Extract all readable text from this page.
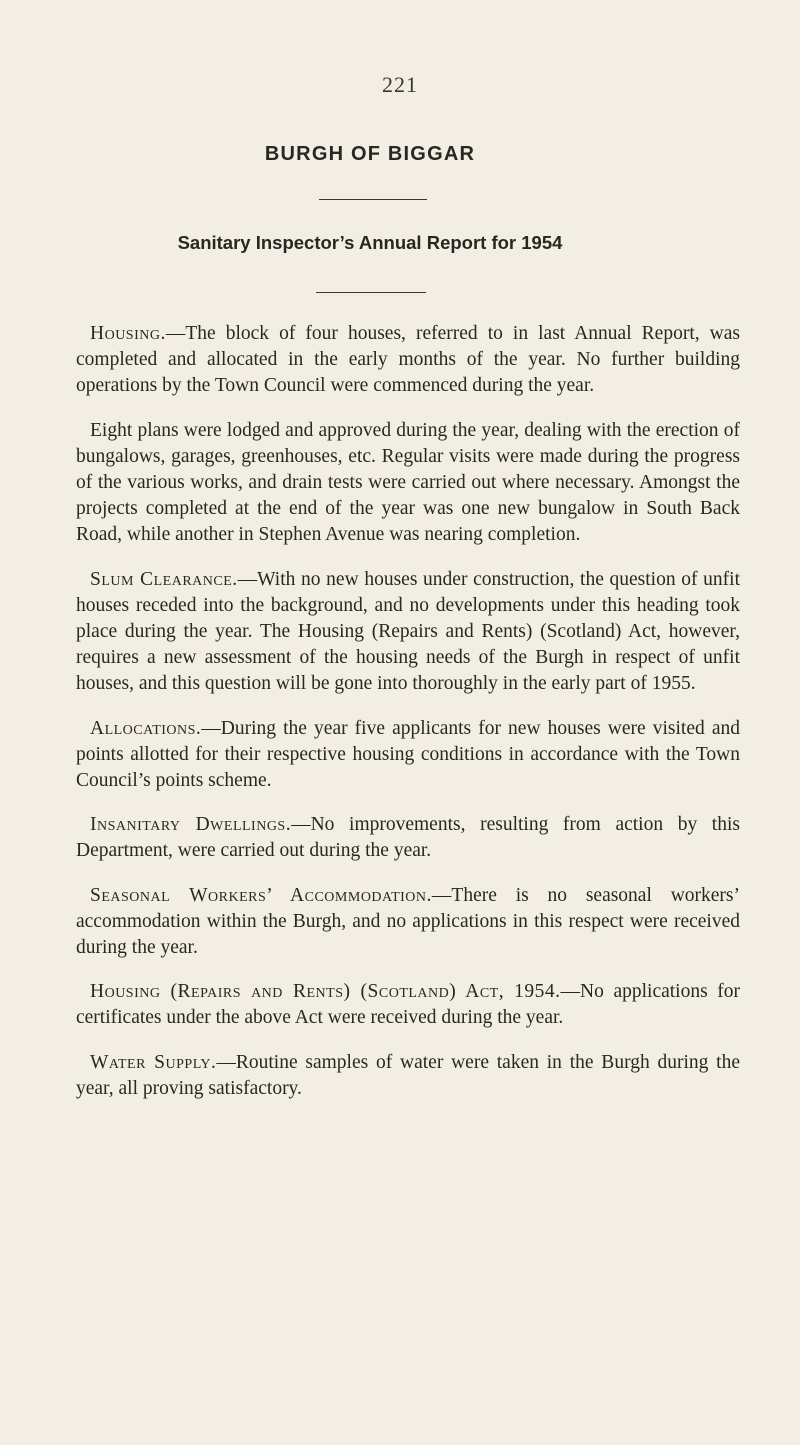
221
BURGH OF BIGGAR
Sanitary Inspector’s Annual Report for 1954

Housing.—The block of four houses, referred to in last Annual Report, was completed and allocated in the early months of the year. No further building operations by the Town Council were commenced during the year.

Eight plans were lodged and approved during the year, dealing with the erection of bungalows, garages, greenhouses, etc. Regular visits were made during the progress of the various works, and drain tests were carried out where necessary. Amongst the projects completed at the end of the year was one new bungalow in South Back Road, while another in Stephen Avenue was nearing completion.

Slum Clearance.—With no new houses under construction, the question of unfit houses receded into the background, and no developments under this heading took place during the year. The Housing (Repairs and Rents) (Scotland) Act, however, requires a new assessment of the housing needs of the Burgh in respect of unfit houses, and this question will be gone into thoroughly in the early part of 1955.

Allocations.—During the year five applicants for new houses were visited and points allotted for their respective housing conditions in accordance with the Town Council’s points scheme.

Insanitary Dwellings.—No improvements, resulting from action by this Department, were carried out during the year.

Seasonal Workers’ Accommodation.—There is no seasonal workers’ accommodation within the Burgh, and no applications in this respect were received during the year.

Housing (Repairs and Rents) (Scotland) Act, 1954.—No applications for certificates under the above Act were received during the year.

Water Supply.—Routine samples of water were taken in the Burgh during the year, all proving satisfactory.
